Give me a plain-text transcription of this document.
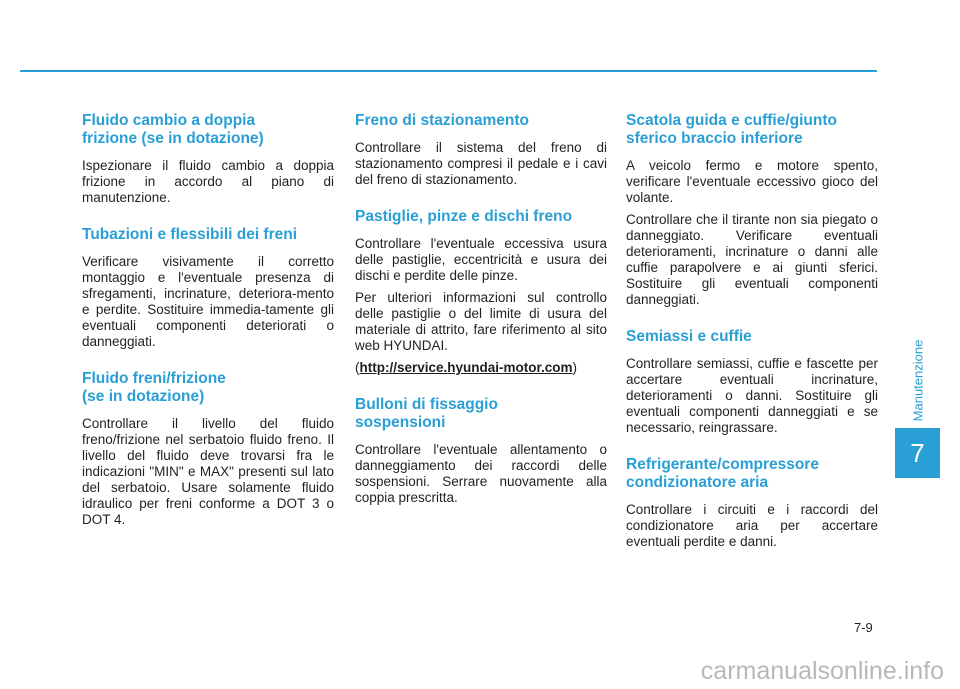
Fluido cambio a doppia
frizione (se in dotazione)

Ispezionare il fluido cambio a doppia frizione in accordo al piano di manutenzione.

Tubazioni e flessibili dei freni

Verificare visivamente il corretto montaggio e l'eventuale presenza di sfregamenti, incrinature, deteriora-mento e perdite. Sostituire immedia-tamente gli eventuali componenti deteriorati o danneggiati.

Fluido freni/frizione
(se in dotazione)

Controllare il livello del fluido freno/frizione nel serbatoio fluido freno. Il livello del fluido deve trovarsi fra le indicazioni "MIN" e MAX" presenti sul lato del serbatoio. Usare solamente fluido idraulico per freni conforme a DOT 3 o DOT 4.

Freno di stazionamento

Controllare il sistema del freno di stazionamento compresi il pedale e i cavi del freno di stazionamento.

Pastiglie, pinze e dischi freno

Controllare l'eventuale eccessiva usura delle pastiglie, eccentricità e usura dei dischi e perdite delle pinze.

Per ulteriori informazioni sul controllo delle pastiglie o del limite di usura del materiale di attrito, fare riferimento al sito web HYUNDAI.

(http://service.hyundai-motor.com)

Bulloni di fissaggio
sospensioni

Controllare l'eventuale allentamento o danneggiamento dei raccordi delle sospensioni. Serrare nuovamente alla coppia prescritta.

Scatola guida e cuffie/giunto
sferico braccio inferiore

A veicolo fermo e motore spento, verificare l'eventuale eccessivo gioco del volante.

Controllare che il tirante non sia piegato o danneggiato. Verificare eventuali deterioramenti, incrinature o danni alle cuffie parapolvere e ai giunti sferici. Sostituire gli eventuali componenti danneggiati.

Semiassi e cuffie

Controllare semiassi, cuffie e fascette per accertare eventuali incrinature, deterioramenti o danni. Sostituire gli eventuali componenti danneggiati e se necessario, reingrassare.

Refrigerante/compressore
condizionatore aria

Controllare i circuiti e i raccordi del condizionatore aria per accertare eventuali perdite e danni.

Manutenzione
7
7-9
carmanualsonline.info
